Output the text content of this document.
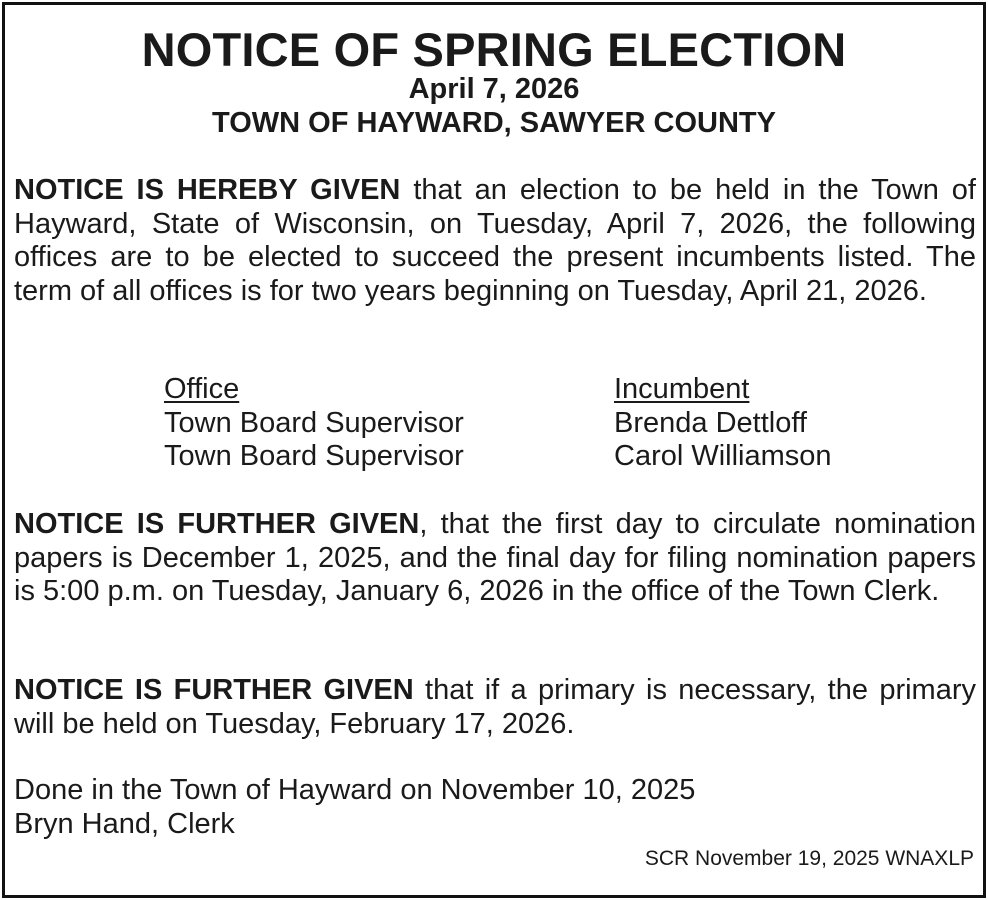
NOTICE OF SPRING ELECTION
April 7, 2026
TOWN OF HAYWARD, SAWYER COUNTY

NOTICE IS HEREBY GIVEN that an election to be held in the Town of Hayward, State of Wisconsin, on Tuesday, April 7, 2026, the following offices are to be elected to succeed the present incumbents listed. The term of all offices is for two years beginning on Tuesday, April 21, 2026.

Office
Town Board Supervisor
Town Board Supervisor
Incumbent
Brenda Dettloff
Carol Williamson

NOTICE IS FURTHER GIVEN, that the first day to circulate nomination papers is December 1, 2025, and the final day for filing nomination papers is 5:00 p.m. on Tuesday, January 6, 2026 in the office of the Town Clerk.

NOTICE IS FURTHER GIVEN that if a primary is necessary, the primary will be held on Tuesday, February 17, 2026.

Done in the Town of Hayward on November 10, 2025
Bryn Hand, Clerk
SCR November 19, 2025 WNAXLP
